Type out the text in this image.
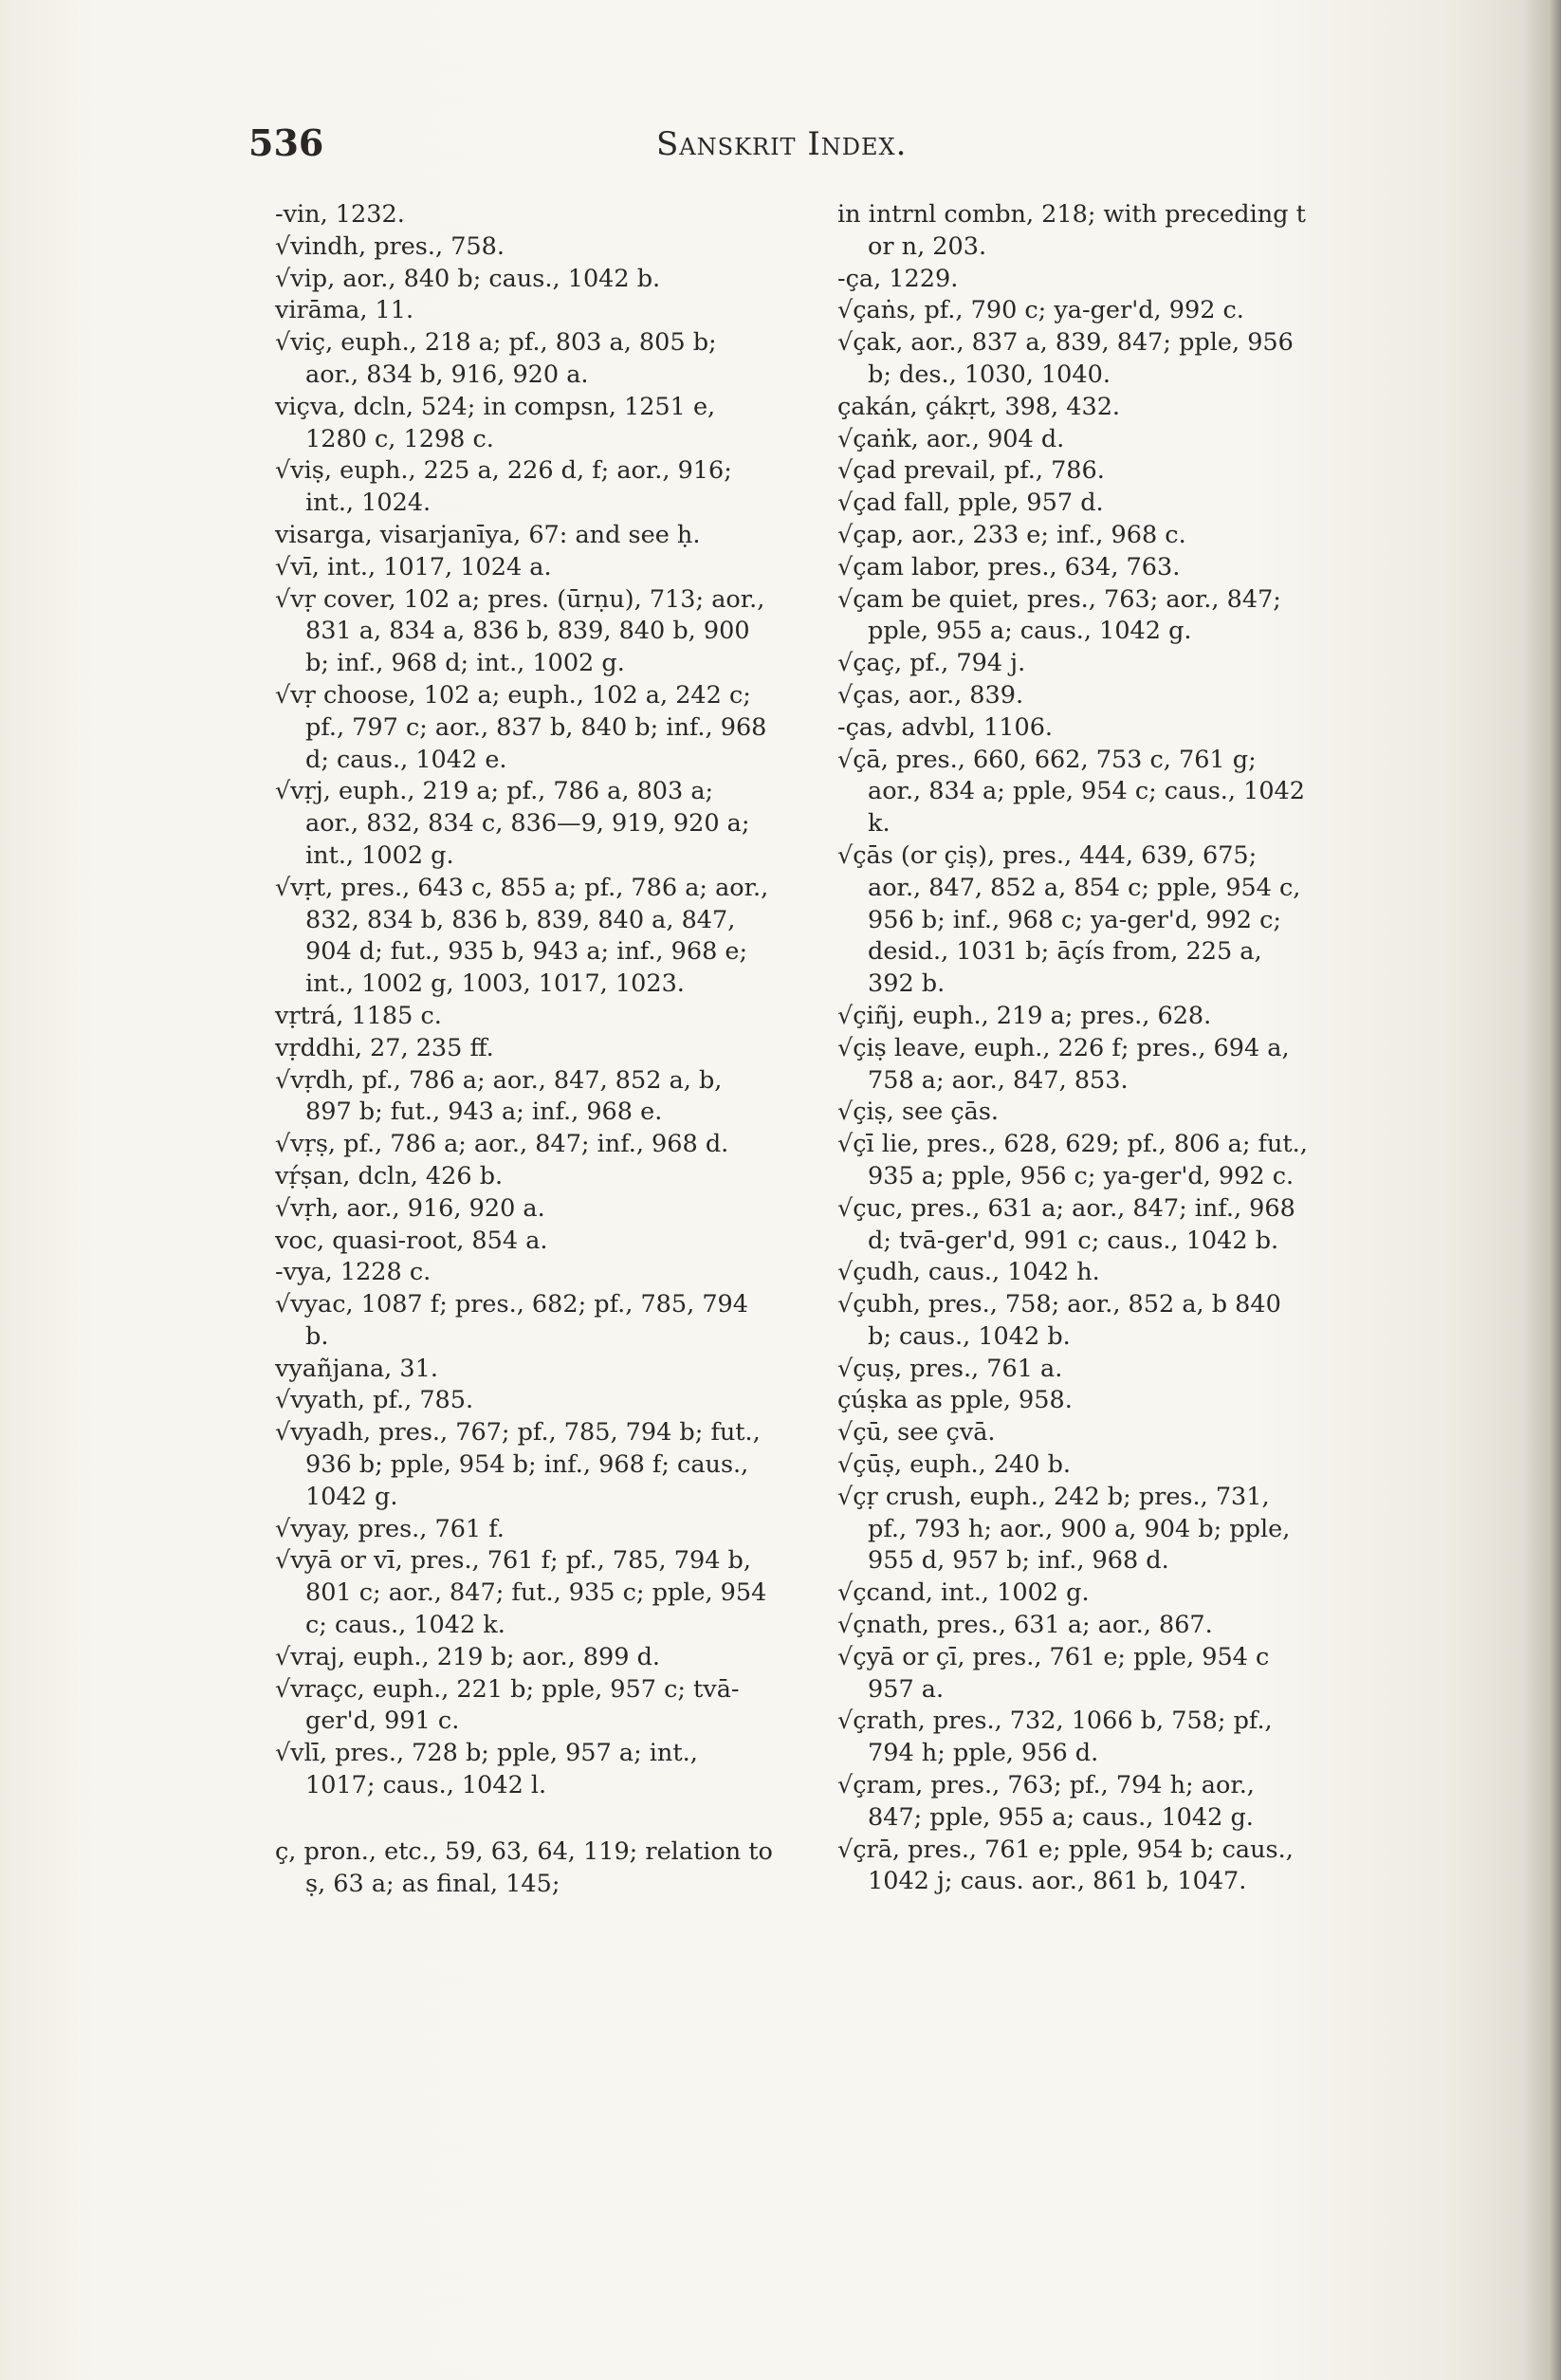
536	Sanskrit Index.
-vin, 1232.
√vindh, pres., 758.
√vip, aor., 840 b; caus., 1042 b.
virāma, 11.
√viç, euph., 218 a; pf., 803 a, 805 b; aor., 834 b, 916, 920 a.
viçva, dcln, 524; in compsn, 1251 e, 1280 c, 1298 c.
√viṣ, euph., 225 a, 226 d, f; aor., 916; int., 1024.
visarga, visarjanīya, 67: and see ḥ.
√vī, int., 1017, 1024 a.
√vṛ cover, 102 a; pres. (ūrṇu), 713; aor., 831 a, 834 a, 836 b, 839, 840 b, 900 b; inf., 968 d; int., 1002 g.
√vṛ choose, 102 a; euph., 102 a, 242 c; pf., 797 c; aor., 837 b, 840 b; inf., 968 d; caus., 1042 e.
√vṛj, euph., 219 a; pf., 786 a, 803 a; aor., 832, 834 c, 836—9, 919, 920 a; int., 1002 g.
√vṛt, pres., 643 c, 855 a; pf., 786 a; aor., 832, 834 b, 836 b, 839, 840 a, 847, 904 d; fut., 935 b, 943 a; inf., 968 e; int., 1002 g, 1003, 1017, 1023.
vṛtrá, 1185 c.
vṛddhi, 27, 235 ff.
√vṛdh, pf., 786 a; aor., 847, 852 a, b, 897 b; fut., 943 a; inf., 968 e.
√vṛṣ, pf., 786 a; aor., 847; inf., 968 d.
vṛ́ṣan, dcln, 426 b.
√vṛh, aor., 916, 920 a.
voc, quasi-root, 854 a.
-vya, 1228 c.
√vyac, 1087 f; pres., 682; pf., 785, 794 b.
vyañjana, 31.
√vyath, pf., 785.
√vyadh, pres., 767; pf., 785, 794 b; fut., 936 b; pple, 954 b; inf., 968 f; caus., 1042 g.
√vyay, pres., 761 f.
√vyā or vī, pres., 761 f; pf., 785, 794 b, 801 c; aor., 847; fut., 935 c; pple, 954 c; caus., 1042 k.
√vraj, euph., 219 b; aor., 899 d.
√vraçc, euph., 221 b; pple, 957 c; tvā-ger'd, 991 c.
√vlī, pres., 728 b; pple, 957 a; int., 1017; caus., 1042 l.
ç, pron., etc., 59, 63, 64, 119; relation to ṣ, 63 a; as final, 145;
in intrnl combn, 218; with preceding t or n, 203.
-ça, 1229.
√çaṅs, pf., 790 c; ya-ger'd, 992 c.
√çak, aor., 837 a, 839, 847; pple, 956 b; des., 1030, 1040.
çakán, çákṛt, 398, 432.
√çaṅk, aor., 904 d.
√çad prevail, pf., 786.
√çad fall, pple, 957 d.
√çap, aor., 233 e; inf., 968 c.
√çam labor, pres., 634, 763.
√çam be quiet, pres., 763; aor., 847; pple, 955 a; caus., 1042 g.
√çaç, pf., 794 j.
√ças, aor., 839.
-ças, advbl, 1106.
√çā, pres., 660, 662, 753 c, 761 g; aor., 834 a; pple, 954 c; caus., 1042 k.
√çās (or çiṣ), pres., 444, 639, 675; aor., 847, 852 a, 854 c; pple, 954 c, 956 b; inf., 968 c; ya-ger'd, 992 c; desid., 1031 b; āçís from, 225 a, 392 b.
√çiñj, euph., 219 a; pres., 628.
√çiṣ leave, euph., 226 f; pres., 694 a, 758 a; aor., 847, 853.
√çiṣ, see çās.
√çī lie, pres., 628, 629; pf., 806 a; fut., 935 a; pple, 956 c; ya-ger'd, 992 c.
√çuc, pres., 631 a; aor., 847; inf., 968 d; tvā-ger'd, 991 c; caus., 1042 b.
√çudh, caus., 1042 h.
√çubh, pres., 758; aor., 852 a, b 840 b; caus., 1042 b.
√çuṣ, pres., 761 a.
çúṣka as pple, 958.
√çū, see çvā.
√çūṣ, euph., 240 b.
√çṛ crush, euph., 242 b; pres., 731, pf., 793 h; aor., 900 a, 904 b; pple, 955 d, 957 b; inf., 968 d.
√çcand, int., 1002 g.
√çnath, pres., 631 a; aor., 867.
√çyā or çī, pres., 761 e; pple, 954 c 957 a.
√çrath, pres., 732, 1066 b, 758; pf., 794 h; pple, 956 d.
√çram, pres., 763; pf., 794 h; aor., 847; pple, 955 a; caus., 1042 g.
√çrā, pres., 761 e; pple, 954 b; caus., 1042 j; caus. aor., 861 b, 1047.
